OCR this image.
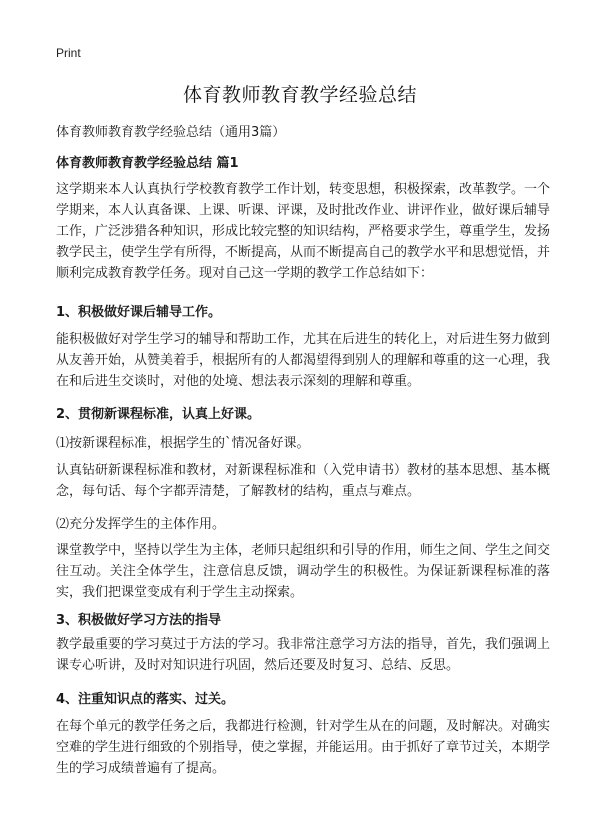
Print
体育教师教育教学经验总结
体育教师教育教学经验总结（通用3篇）
体育教师教育教学经验总结 篇1
这学期来本人认真执行学校教育教学工作计划，转变思想，积极探索，改革教学。一个学期来，本人认真备课、上课、听课、评课，及时批改作业、讲评作业，做好课后辅导工作，广泛涉猎各种知识，形成比较完整的知识结构，严格要求学生，尊重学生，发扬教学民主，使学生学有所得，不断提高，从而不断提高自己的教学水平和思想觉悟，并顺利完成教育教学任务。现对自己这一学期的教学工作总结如下：
1、积极做好课后辅导工作。
能积极做好对学生学习的辅导和帮助工作，尤其在后进生的转化上，对后进生努力做到从友善开始，从赞美着手，根据所有的人都渴望得到别人的理解和尊重的这一心理，我在和后进生交谈时，对他的处境、想法表示深刻的理解和尊重。
2、贯彻新课程标准，认真上好课。
⑴按新课程标准，根据学生的`情况备好课。
认真钻研新课程标准和教材，对新课程标准和（入党申请书）教材的基本思想、基本概念，每句话、每个字都弄清楚，了解教材的结构，重点与难点。
⑵充分发挥学生的主体作用。
课堂教学中，坚持以学生为主体，老师只起组织和引导的作用，师生之间、学生之间交往互动。关注全体学生，注意信息反馈，调动学生的积极性。为保证新课程标准的落实，我们把课堂变成有利于学生主动探索。
3、积极做好学习方法的指导
教学最重要的学习莫过于方法的学习。我非常注意学习方法的指导，首先，我们强调上课专心听讲，及时对知识进行巩固，然后还要及时复习、总结、反思。
4、注重知识点的落实、过关。
在每个单元的教学任务之后，我都进行检测，针对学生从在的问题，及时解决。对确实空难的学生进行细致的个别指导，使之掌握，并能运用。由于抓好了章节过关，本期学生的学习成绩普遍有了提高。
